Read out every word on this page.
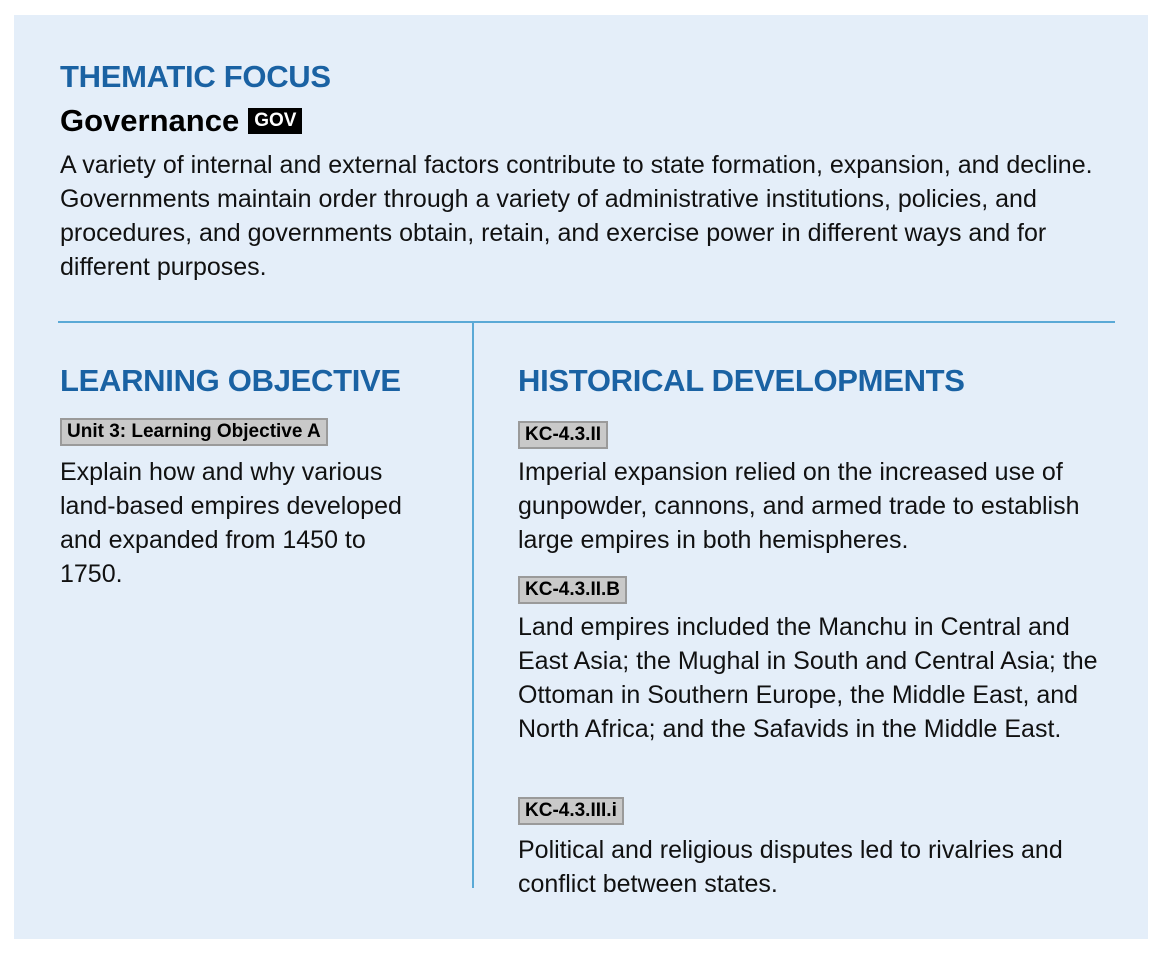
THEMATIC FOCUS
Governance GOV

A variety of internal and external factors contribute to state formation, expansion, and decline. Governments maintain order through a variety of administrative institutions, policies, and procedures, and governments obtain, retain, and exercise power in different ways and for different purposes.

LEARNING OBJECTIVE
Unit 3: Learning Objective A

Explain how and why various land-based empires developed and expanded from 1450 to 1750.

HISTORICAL DEVELOPMENTS
KC-4.3.II

Imperial expansion relied on the increased use of gunpowder, cannons, and armed trade to establish large empires in both hemispheres.

KC-4.3.II.B

Land empires included the Manchu in Central and East Asia; the Mughal in South and Central Asia; the Ottoman in Southern Europe, the Middle East, and North Africa; and the Safavids in the Middle East.

KC-4.3.III.i

Political and religious disputes led to rivalries and conflict between states.
